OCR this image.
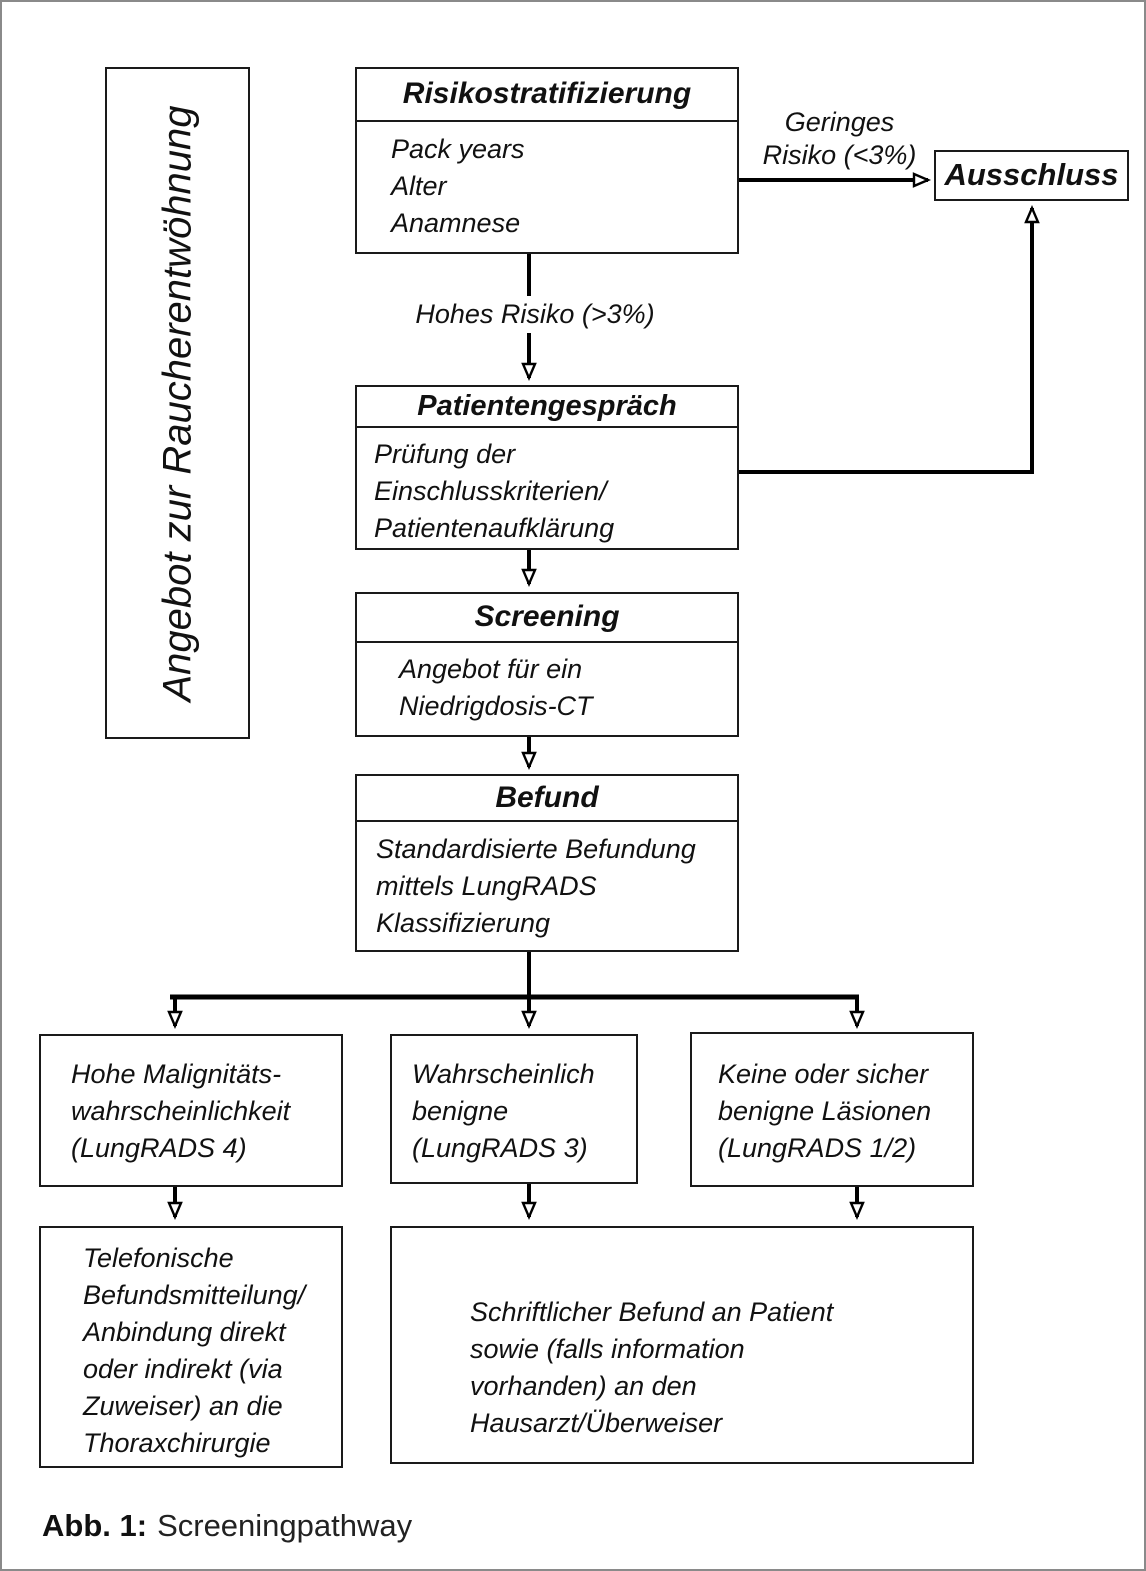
Angebot zur Raucherentwöhnung
Risikostratifizierung
Pack years
Alter
Anamnese
Geringes
Risiko (<3%)
Ausschluss
Hohes Risiko (>3%)
Patientengespräch
Prüfung der
Einschlusskriterien/
Patientenaufklärung
Screening
Angebot für ein
Niedrigdosis-CT
Befund
Standardisierte Befundung
mittels LungRADS
Klassifizierung
Hohe Malignitäts-
wahrscheinlichkeit
(LungRADS 4)
Wahrscheinlich
benigne
(LungRADS 3)
Keine oder sicher
benigne Läsionen
(LungRADS 1/2)
Telefonische
Befundsmitteilung/
Anbindung direkt
oder indirekt (via
Zuweiser) an die
Thoraxchirurgie
Schriftlicher Befund an Patient
sowie (falls information
vorhanden) an den
Hausarzt/Überweiser
Abb. 1: Screeningpathway
